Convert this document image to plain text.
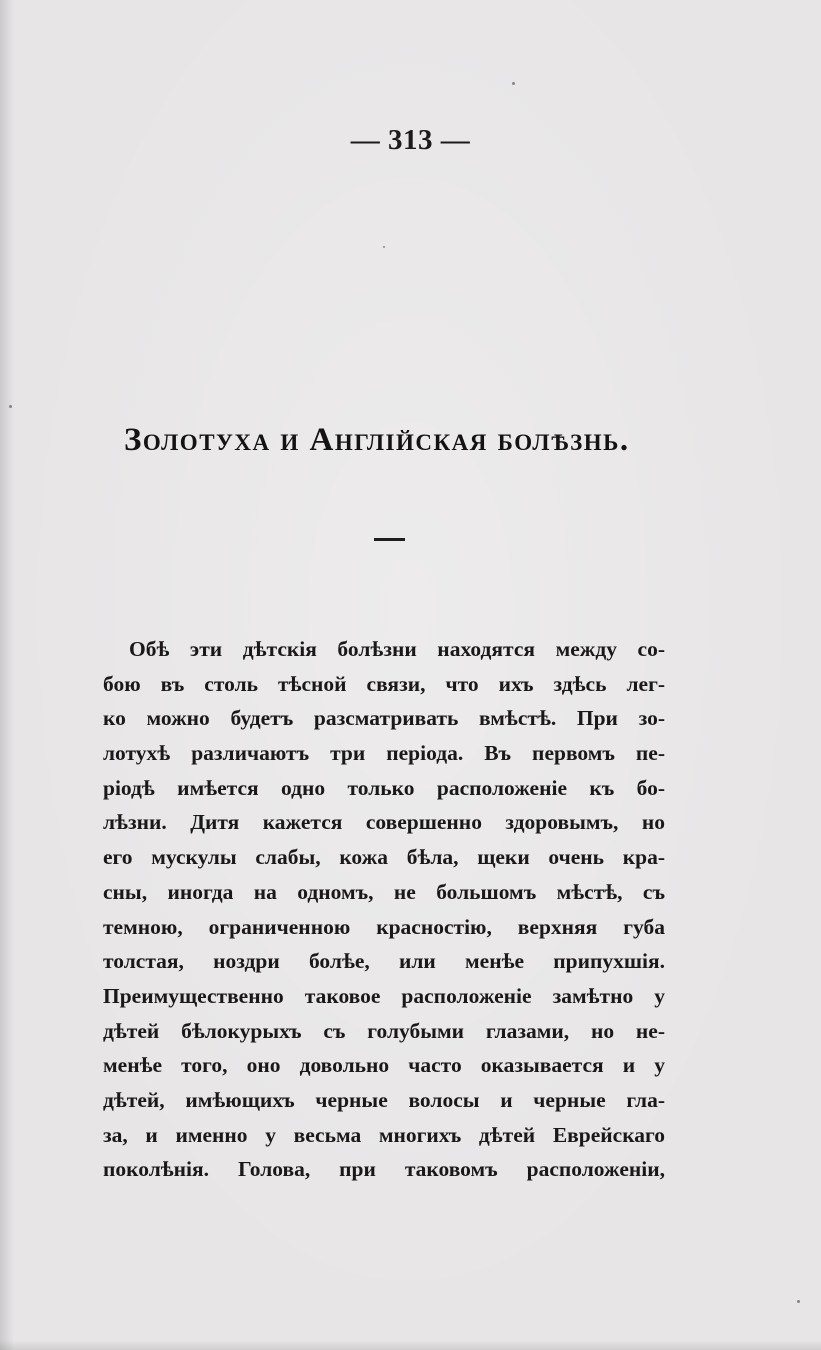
— 313 —
Золотуха и Англійская болѣзнь.
Обѣ эти дѣтскія болѣзни находятся между со-
бою въ столь тѣсной связи, что ихъ здѣсь лег-
ко можно будетъ разсматривать вмѣстѣ. При зо-
лотухѣ различаютъ три періода. Въ первомъ пе-
ріодѣ имѣется одно только расположеніе къ бо-
лѣзни. Дитя кажется совершенно здоровымъ, но
его мускулы слабы, кожа бѣла, щеки очень кра-
сны, иногда на одномъ, не большомъ мѣстѣ, съ
темною, ограниченною красностію, верхняя губа
толстая, ноздри болѣе, или менѣе припухшія.
Преимущественно таковое расположеніе замѣтно у
дѣтей бѣлокурыхъ съ голубыми глазами, но не-
менѣе того, оно довольно часто оказывается и у
дѣтей, имѣющихъ черные волосы и черные гла-
за, и именно у весьма многихъ дѣтей Еврейскаго
поколѣнія. Голова, при таковомъ расположеніи,
